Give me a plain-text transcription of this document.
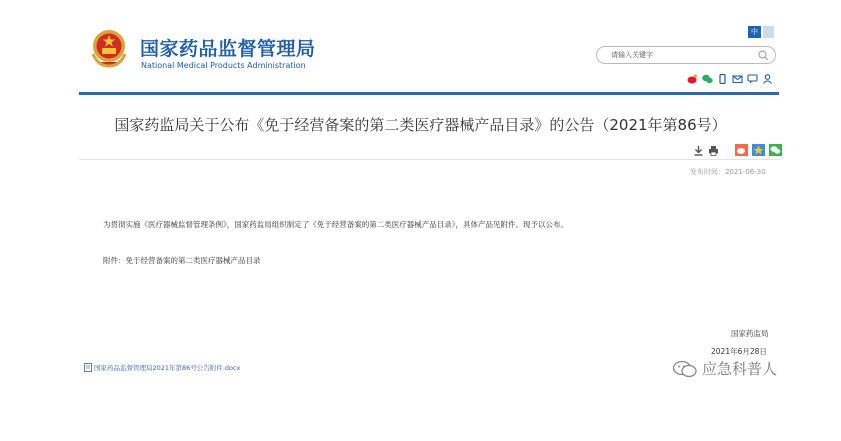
国家药品监督管理局
National Medical Products Administration
中
请输入关键字
国家药监局关于公布《免于经营备案的第二类医疗器械产品目录》的公告（2021年第86号）
发布时间：2021-06-30
为贯彻实施《医疗器械监督管理条例》，国家药监局组织制定了《免于经营备案的第二类医疗器械产品目录》，具体产品见附件。现予以公布。
附件：免于经营备案的第二类医疗器械产品目录
国家药监局
2021年6月28日
国家药品监督管理局2021年第86号公告附件.docx	应急科普人
